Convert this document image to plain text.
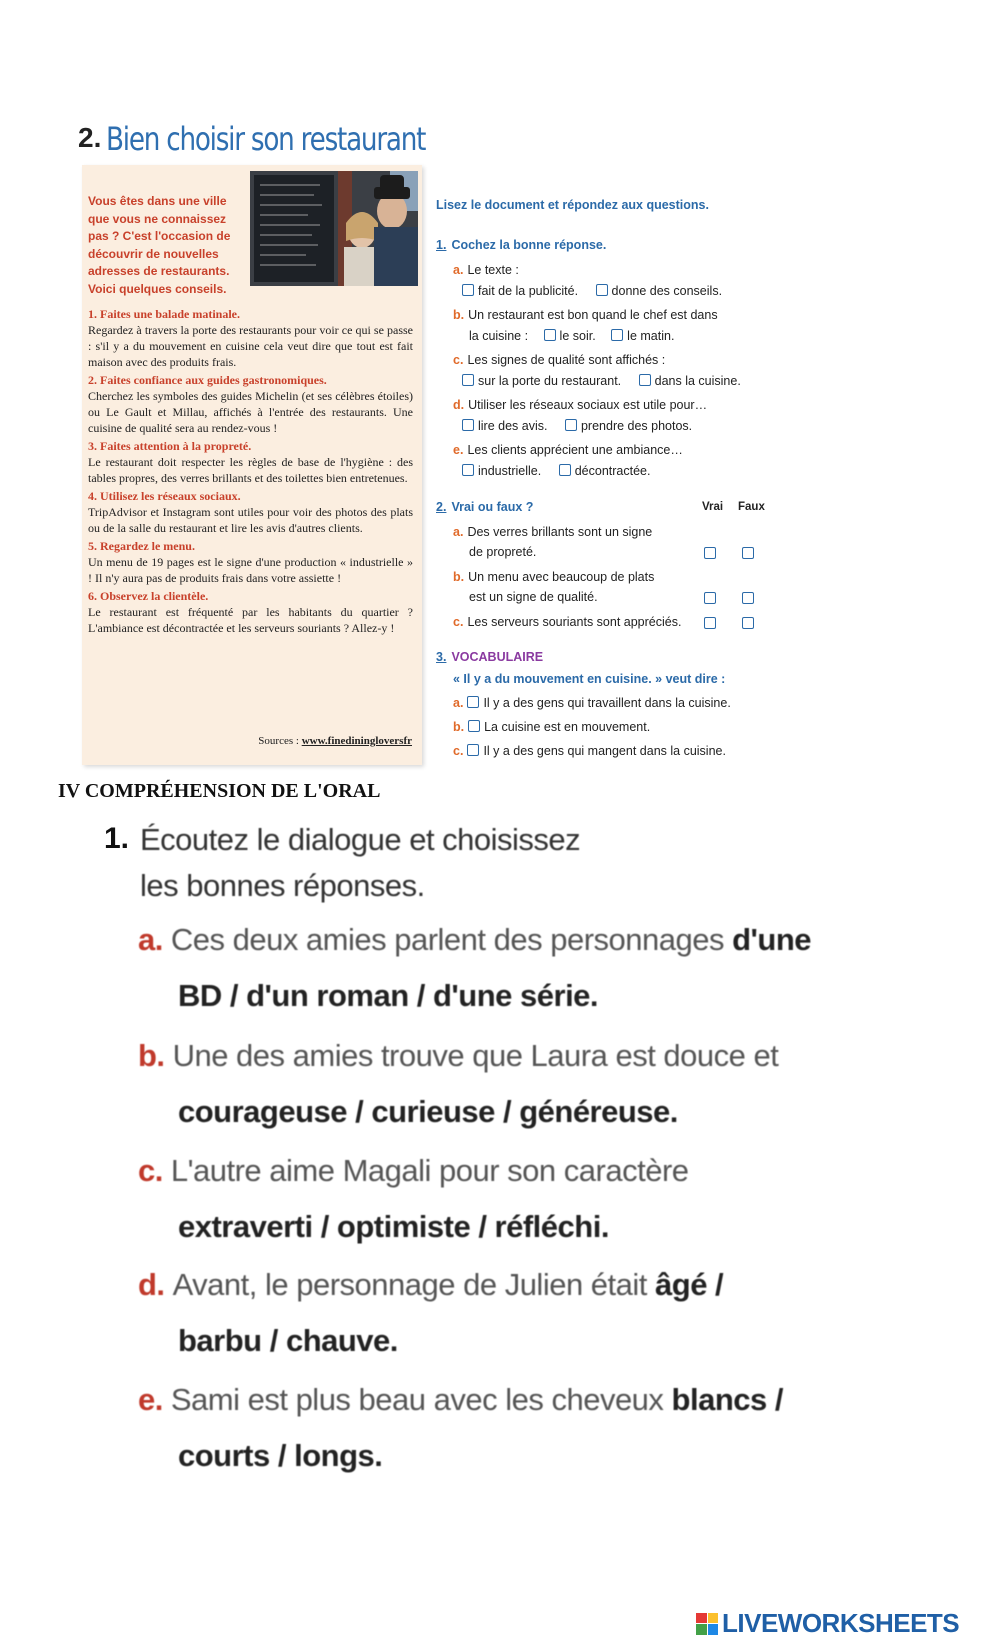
2. Bien choisir son restaurant
Vous êtes dans une ville que vous ne connaissez pas ? C'est l'occasion de découvrir de nouvelles adresses de restaurants. Voici quelques conseils.

1. Faites une balade matinale.

Regardez à travers la porte des restaurants pour voir ce qui se passe : s'il y a du mouvement en cuisine cela veut dire que tout est fait maison avec des produits frais.

2. Faites confiance aux guides gastronomiques.

Cherchez les symboles des guides Michelin (et ses célèbres étoiles) ou Le Gault et Millau, affichés à l'entrée des restaurants. Une cuisine de qualité sera au rendez-vous !

3. Faites attention à la propreté.

Le restaurant doit respecter les règles de base de l'hygiène : des tables propres, des verres brillants et des toilettes bien entretenues.

4. Utilisez les réseaux sociaux.

TripAdvisor et Instagram sont utiles pour voir des photos des plats ou de la salle du restaurant et lire les avis d'autres clients.

5. Regardez le menu.

Un menu de 19 pages est le signe d'une production « industrielle » ! Il n'y aura pas de produits frais dans votre assiette !

6. Observez la clientèle.

Le restaurant est fréquenté par les habitants du quartier ? L'ambiance est décontractée et les serveurs souriants ? Allez-y !

Sources : www.finediningloversfr
Lisez le document et répondez aux questions.
1. Cochez la bonne réponse.
a. Le texte :
fait de la publicité.	donne des conseils.
b. Un restaurant est bon quand le chef est dans
la cuisine :	le soir.	le matin.
c. Les signes de qualité sont affichés :
sur la porte du restaurant.	dans la cuisine.
d. Utiliser les réseaux sociaux est utile pour…
lire des avis.	prendre des photos.
e. Les clients apprécient une ambiance…
industrielle.	décontractée.
2. Vrai ou faux ?	Vrai Faux
a. Des verres brillants sont un signe
de propreté.
b. Un menu avec beaucoup de plats
est un signe de qualité.
c. Les serveurs souriants sont appréciés.
3. VOCABULAIRE
« Il y a du mouvement en cuisine. » veut dire :
a. Il y a des gens qui travaillent dans la cuisine.
b. La cuisine est en mouvement.
c. Il y a des gens qui mangent dans la cuisine.
IV COMPRÉHENSION DE L'ORAL
1. Écoutez le dialogue et choisissez
les bonnes réponses.
a. Ces deux amies parlent des personnages d'une
BD / d'un roman / d'une série.
b. Une des amies trouve que Laura est douce et
courageuse / curieuse / généreuse.
c. L'autre aime Magali pour son caractère
extraverti / optimiste / réfléchi.
d. Avant, le personnage de Julien était âgé /
barbu / chauve.
e. Sami est plus beau avec les cheveux blancs /
courts / longs.
LIVEWORKSHEETS
